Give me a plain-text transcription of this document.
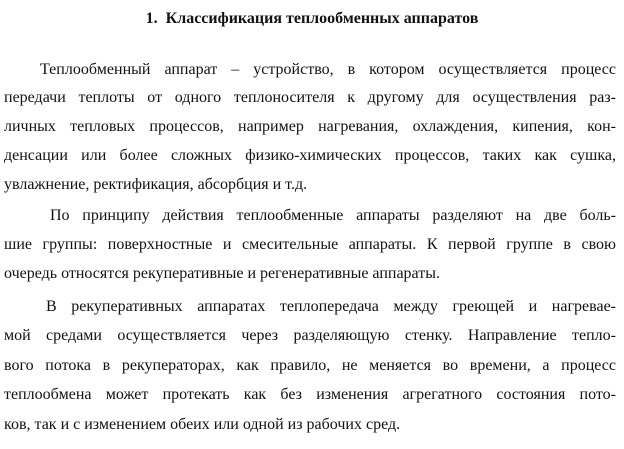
1. Классификация теплообменных аппаратов
Теплообменный аппарат – устройство, в котором осуществляется процесс
передачи теплоты от одного теплоносителя к другому для осуществления раз-
личных тепловых процессов, например нагревания, охлаждения, кипения, кон-
денсации или более сложных физико-химических процессов, таких как сушка,
увлажнение, ректификация, абсорбция и т.д.
По принципу действия теплообменные аппараты разделяют на две боль-
шие группы: поверхностные и смесительные аппараты. К первой группе в свою
очередь относятся рекуперативные и регенеративные аппараты.
В рекуперативных аппаратах теплопередача между греющей и нагревае-
мой средами осуществляется через разделяющую стенку. Направление тепло-
вого потока в рекуператорах, как правило, не меняется во времени, а процесс
теплообмена может протекать как без изменения агрегатного состояния пото-
ков, так и с изменением обеих или одной из рабочих сред.
